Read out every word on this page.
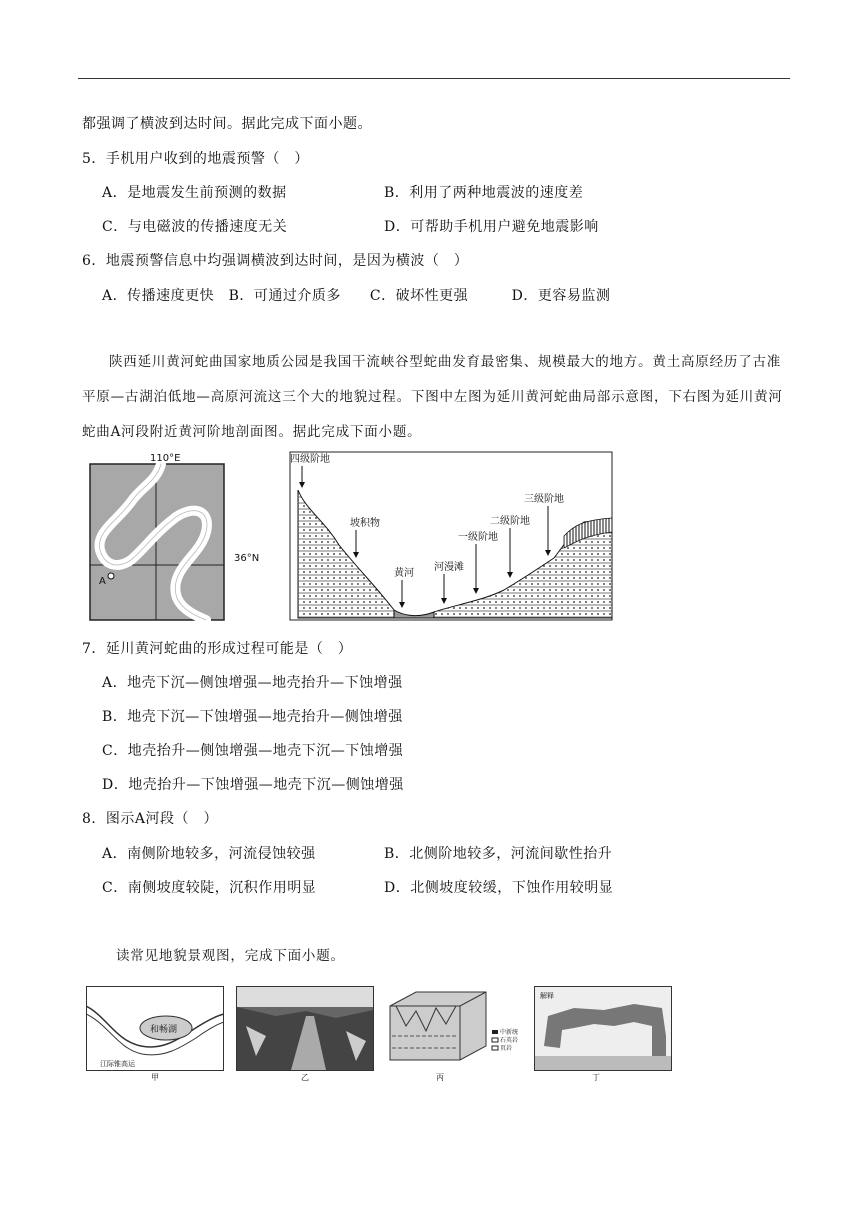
都强调了横波到达时间。据此完成下面小题。
5．手机用户收到的地震预警（　）
A．是地震发生前预测的数据	B．利用了两种地震波的速度差
C．与电磁波的传播速度无关	D．可帮助手机用户避免地震影响
6．地震预警信息中均强调横波到达时间，是因为横波（　）
A．传播速度更快　B．可通过介质多　　C．破坏性更强　　　D．更容易监测
陕西延川黄河蛇曲国家地质公园是我国干流峡谷型蛇曲发育最密集、规模最大的地方。黄土高原经历了古准平原—古湖泊低地—高原河流这三个大的地貌过程。下图中左图为延川黄河蛇曲局部示意图，下右图为延川黄河蛇曲A河段附近黄河阶地剖面图。据此完成下面小题。
110°E
A
36°N
四级阶地
坡积物
黄河
河漫滩
一级阶地
二级阶地
三级阶地
7．延川黄河蛇曲的形成过程可能是（　）
A．地壳下沉—侧蚀增强—地壳抬升—下蚀增强
B．地壳下沉—下蚀增强—地壳抬升—侧蚀增强
C．地壳抬升—侧蚀增强—地壳下沉—下蚀增强
D．地壳抬升—下蚀增强—地壳下沉—侧蚀增强
8．图示A河段（　）
A．南侧阶地较多，河流侵蚀较强	B．北侧阶地较多，河流间歇性抬升
C．南侧坡度较陡，沉积作用明显	D．北侧坡度较缓，下蚀作用较明显
读常见地貌景观图，完成下面小题。
和畅湖
江际锥高运
甲	乙
中新统
石英岩
页岩
丙
解释
丁
